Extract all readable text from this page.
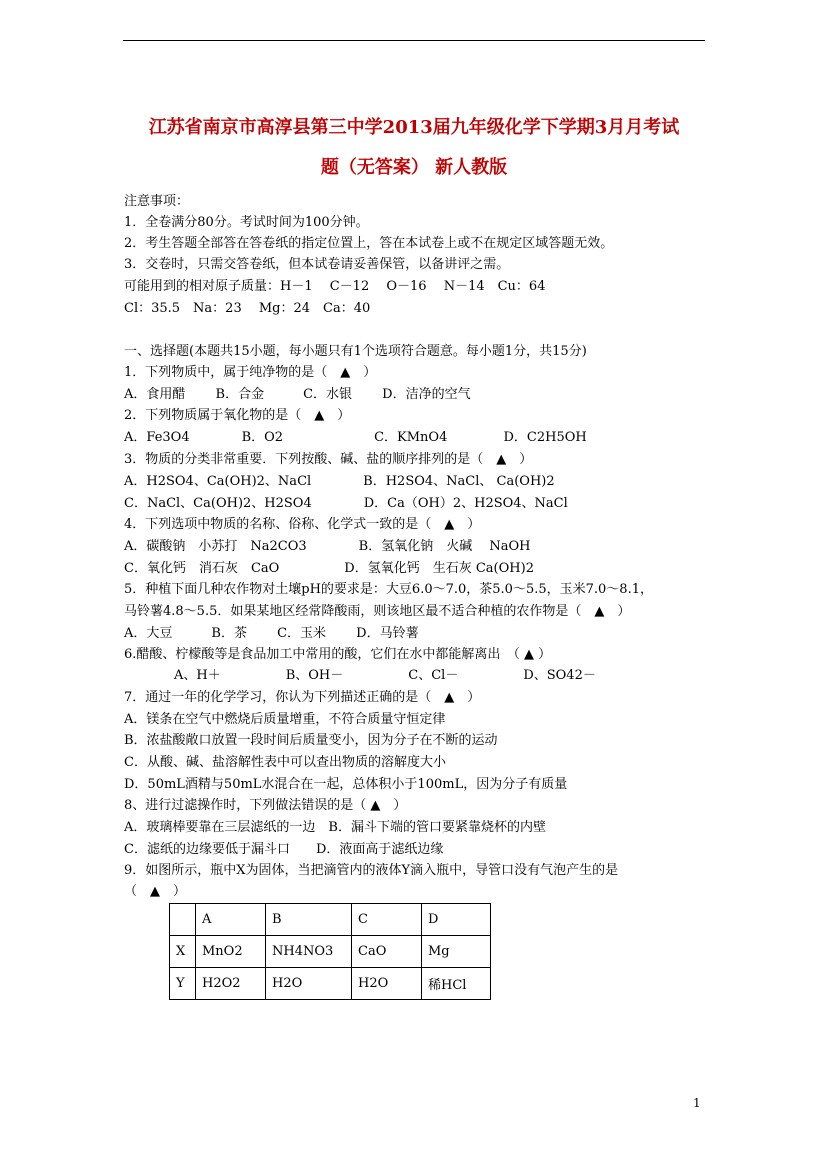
江苏省南京市高淳县第三中学2013届九年级化学下学期3月月考试
题（无答案） 新人教版
注意事项：
1．全卷满分80分。考试时间为100分钟。
2．考生答题全部答在答卷纸的指定位置上，答在本试卷上或不在规定区域答题无效。
3．交卷时，只需交答卷纸，但本试卷请妥善保管，以备讲评之需。
可能用到的相对原子质量：H－1　 C－12　 O－16　 N－14　Cu：64
Cl：35.5　Na：23　 Mg：24　Ca：40
一、选择题(本题共15小题，每小题只有1个选项符合题意。每小题1分，共15分)
1．下列物质中，属于纯净物的是（　▲　）
A．食用醋　　 B．合金　　　C．水银　　 D．洁净的空气
2．下列物质属于氧化物的是（　▲　）
A．Fe3O4　　　　B．O2　　　　　　　C．KMnO4　　　　 D．C2H5OH
3．物质的分类非常重要．下列按酸、碱、盐的顺序排列的是（　▲　）
A．H2SO4、Ca(OH)2、NaCl　　　　B．H2SO4、NaCl、 Ca(OH)2
C．NaCl、Ca(OH)2、H2SO4　　　　D．Ca（OH）2、H2SO4、NaCl
4．下列选项中物质的名称、俗称、化学式一致的是（　▲　）
A．碳酸钠　小苏打　Na2CO3　　　　B．氢氧化钠　火碱　 NaOH
C．氧化钙　消石灰　CaO　　　　　D．氢氧化钙　生石灰 Ca(OH)2
5．种植下面几种农作物对土壤pH的要求是：大豆6.0～7.0，茶5.0～5.5，玉米7.0～8.1，
马铃薯4.8～5.5．如果某地区经常降酸雨，则该地区最不适合种植的农作物是（　▲　）
A．大豆　　　B．茶　　 C．玉米　　 D．马铃薯
6.醋酸、柠檬酸等是食品加工中常用的酸，它们在水中都能解离出　（ ▲ ）
A、H＋　　　　　B、OH－　　　　　C、Cl－　　　　　D、SO42－
7．通过一年的化学学习，你认为下列描述正确的是（　▲　）
A．镁条在空气中燃烧后质量增重，不符合质量守恒定律
B．浓盐酸敞口放置一段时间后质量变小，因为分子在不断的运动
C．从酸、碱、盐溶解性表中可以查出物质的溶解度大小
D．50mL酒精与50mL水混合在一起，总体积小于100mL，因为分子有质量
8、进行过滤操作时，下列做法错误的是（ ▲　）
A．玻璃棒要靠在三层滤纸的一边　B．漏斗下端的管口要紧靠烧杯的内壁
C．滤纸的边缘要低于漏斗口　　D．液面高于滤纸边缘
9．如图所示，瓶中X为固体，当把滴管内的液体Y滴入瓶中，导管口没有气泡产生的是
（　▲　）
	A	B	C	D
X	MnO2	NH4NO3	CaO	Mg
Y	H2O2	H2O	H2O	稀HCl
1
